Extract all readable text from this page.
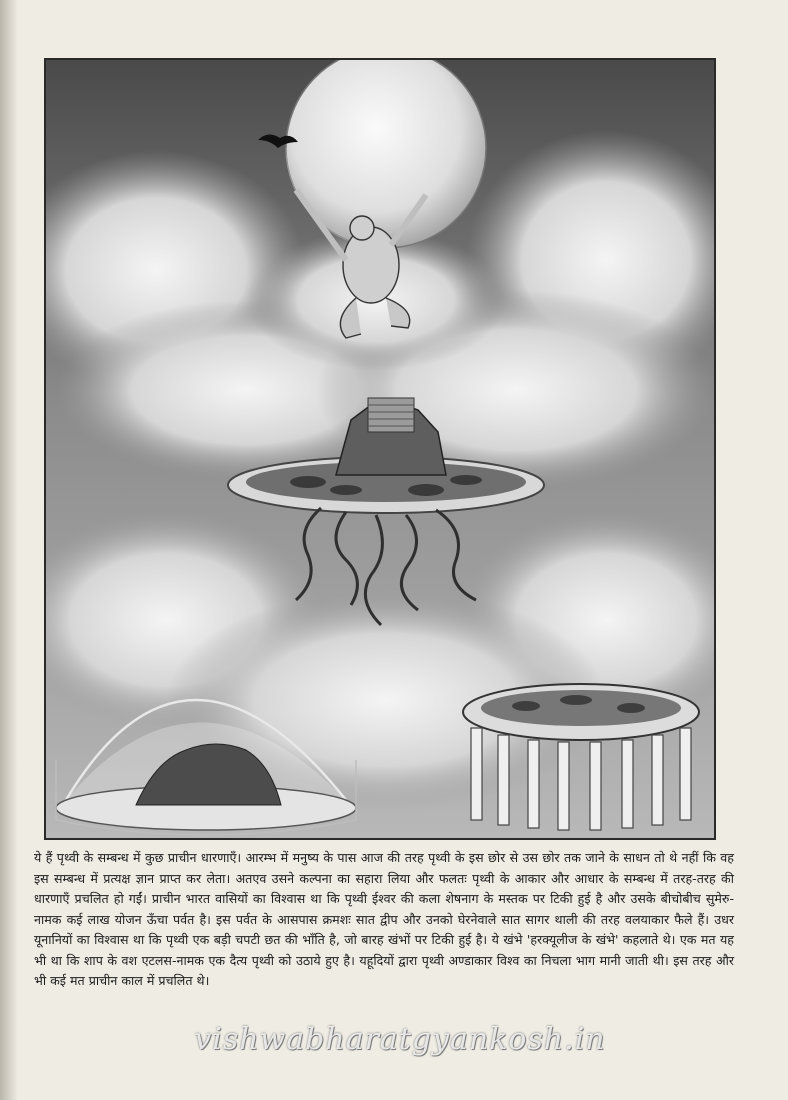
ये हैं पृथ्वी के सम्बन्ध में कुछ प्राचीन धारणाएँ। आरम्भ में मनुष्य के पास आज की तरह पृथ्वी के इस छोर से उस छोर तक जाने के साधन तो थे नहीं कि वह इस सम्बन्ध में प्रत्यक्ष ज्ञान प्राप्त कर लेता। अतएव उसने कल्पना का सहारा लिया और फलतः पृथ्वी के आकार और आधार के सम्बन्ध में तरह-तरह की धारणाएँ प्रचलित हो गईं। प्राचीन भारत वासियों का विश्वास था कि पृथ्वी ईश्वर की कला शेषनाग के मस्तक पर टिकी हुई है और उसके बीचोबीच सुमेरु-नामक कई लाख योजन ऊँचा पर्वत है। इस पर्वत के आसपास क्रमशः सात द्वीप और उनको घेरनेवाले सात सागर थाली की तरह वलयाकार फैले हैं। उधर यूनानियों का विश्वास था कि पृथ्वी एक बड़ी चपटी छत की भाँति है, जो बारह खंभों पर टिकी हुई है। ये खंभे 'हरक्यूलीज के खंभे' कहलाते थे। एक मत यह भी था कि शाप के वश एटलस-नामक एक दैत्य पृथ्वी को उठाये हुए है। यहूदियों द्वारा पृथ्वी अण्डाकार विश्व का निचला भाग मानी जाती थी। इस तरह और भी कई मत प्राचीन काल में प्रचलित थे।

vishwabharatgyankosh.in
